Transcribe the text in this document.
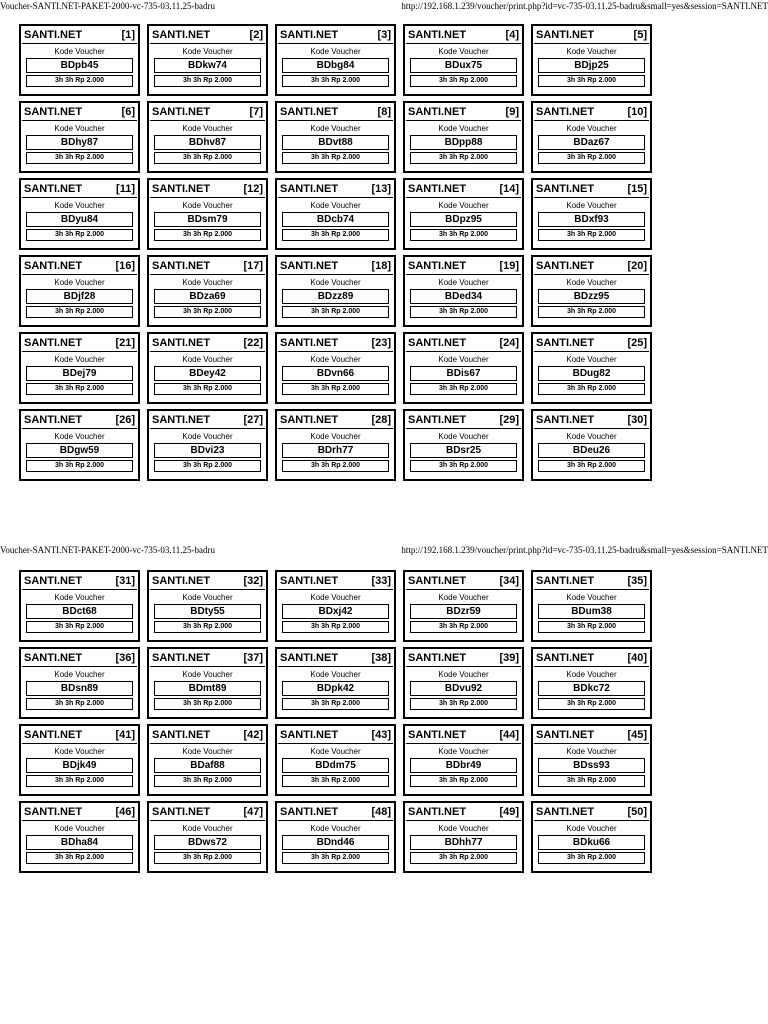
Voucher-SANTI.NET-PAKET-2000-vc-735-03.11.25-badru	http://192.168.1.239/voucher/print.php?id=vc-735-03.11.25-badru&small=yes&session=SANTI.NET
SANTI.NET	[1]
Kode Voucher
BDpb45
3h 3h Rp 2.000
SANTI.NET	[2]
Kode Voucher
BDkw74
3h 3h Rp 2.000
SANTI.NET	[3]
Kode Voucher
BDbg84
3h 3h Rp 2.000
SANTI.NET	[4]
Kode Voucher
BDux75
3h 3h Rp 2.000
SANTI.NET	[5]
Kode Voucher
BDjp25
3h 3h Rp 2.000
SANTI.NET	[6]
Kode Voucher
BDhy87
3h 3h Rp 2.000
SANTI.NET	[7]
Kode Voucher
BDhv87
3h 3h Rp 2.000
SANTI.NET	[8]
Kode Voucher
BDvt88
3h 3h Rp 2.000
SANTI.NET	[9]
Kode Voucher
BDpp88
3h 3h Rp 2.000
SANTI.NET	[10]
Kode Voucher
BDaz67
3h 3h Rp 2.000
SANTI.NET	[11]
Kode Voucher
BDyu84
3h 3h Rp 2.000
SANTI.NET	[12]
Kode Voucher
BDsm79
3h 3h Rp 2.000
SANTI.NET	[13]
Kode Voucher
BDcb74
3h 3h Rp 2.000
SANTI.NET	[14]
Kode Voucher
BDpz95
3h 3h Rp 2.000
SANTI.NET	[15]
Kode Voucher
BDxf93
3h 3h Rp 2.000
SANTI.NET	[16]
Kode Voucher
BDjf28
3h 3h Rp 2.000
SANTI.NET	[17]
Kode Voucher
BDza69
3h 3h Rp 2.000
SANTI.NET	[18]
Kode Voucher
BDzz89
3h 3h Rp 2.000
SANTI.NET	[19]
Kode Voucher
BDed34
3h 3h Rp 2.000
SANTI.NET	[20]
Kode Voucher
BDzz95
3h 3h Rp 2.000
SANTI.NET	[21]
Kode Voucher
BDej79
3h 3h Rp 2.000
SANTI.NET	[22]
Kode Voucher
BDey42
3h 3h Rp 2.000
SANTI.NET	[23]
Kode Voucher
BDvn66
3h 3h Rp 2.000
SANTI.NET	[24]
Kode Voucher
BDis67
3h 3h Rp 2.000
SANTI.NET	[25]
Kode Voucher
BDug82
3h 3h Rp 2.000
SANTI.NET	[26]
Kode Voucher
BDgw59
3h 3h Rp 2.000
SANTI.NET	[27]
Kode Voucher
BDvi23
3h 3h Rp 2.000
SANTI.NET	[28]
Kode Voucher
BDrh77
3h 3h Rp 2.000
SANTI.NET	[29]
Kode Voucher
BDsr25
3h 3h Rp 2.000
SANTI.NET	[30]
Kode Voucher
BDeu26
3h 3h Rp 2.000
Voucher-SANTI.NET-PAKET-2000-vc-735-03.11.25-badru	http://192.168.1.239/voucher/print.php?id=vc-735-03.11.25-badru&small=yes&session=SANTI.NET
SANTI.NET	[31]
Kode Voucher
BDct68
3h 3h Rp 2.000
SANTI.NET	[32]
Kode Voucher
BDty55
3h 3h Rp 2.000
SANTI.NET	[33]
Kode Voucher
BDxj42
3h 3h Rp 2.000
SANTI.NET	[34]
Kode Voucher
BDzr59
3h 3h Rp 2.000
SANTI.NET	[35]
Kode Voucher
BDum38
3h 3h Rp 2.000
SANTI.NET	[36]
Kode Voucher
BDsn89
3h 3h Rp 2.000
SANTI.NET	[37]
Kode Voucher
BDmt89
3h 3h Rp 2.000
SANTI.NET	[38]
Kode Voucher
BDpk42
3h 3h Rp 2.000
SANTI.NET	[39]
Kode Voucher
BDvu92
3h 3h Rp 2.000
SANTI.NET	[40]
Kode Voucher
BDkc72
3h 3h Rp 2.000
SANTI.NET	[41]
Kode Voucher
BDjk49
3h 3h Rp 2.000
SANTI.NET	[42]
Kode Voucher
BDaf88
3h 3h Rp 2.000
SANTI.NET	[43]
Kode Voucher
BDdm75
3h 3h Rp 2.000
SANTI.NET	[44]
Kode Voucher
BDbr49
3h 3h Rp 2.000
SANTI.NET	[45]
Kode Voucher
BDss93
3h 3h Rp 2.000
SANTI.NET	[46]
Kode Voucher
BDha84
3h 3h Rp 2.000
SANTI.NET	[47]
Kode Voucher
BDws72
3h 3h Rp 2.000
SANTI.NET	[48]
Kode Voucher
BDnd46
3h 3h Rp 2.000
SANTI.NET	[49]
Kode Voucher
BDhh77
3h 3h Rp 2.000
SANTI.NET	[50]
Kode Voucher
BDku66
3h 3h Rp 2.000
